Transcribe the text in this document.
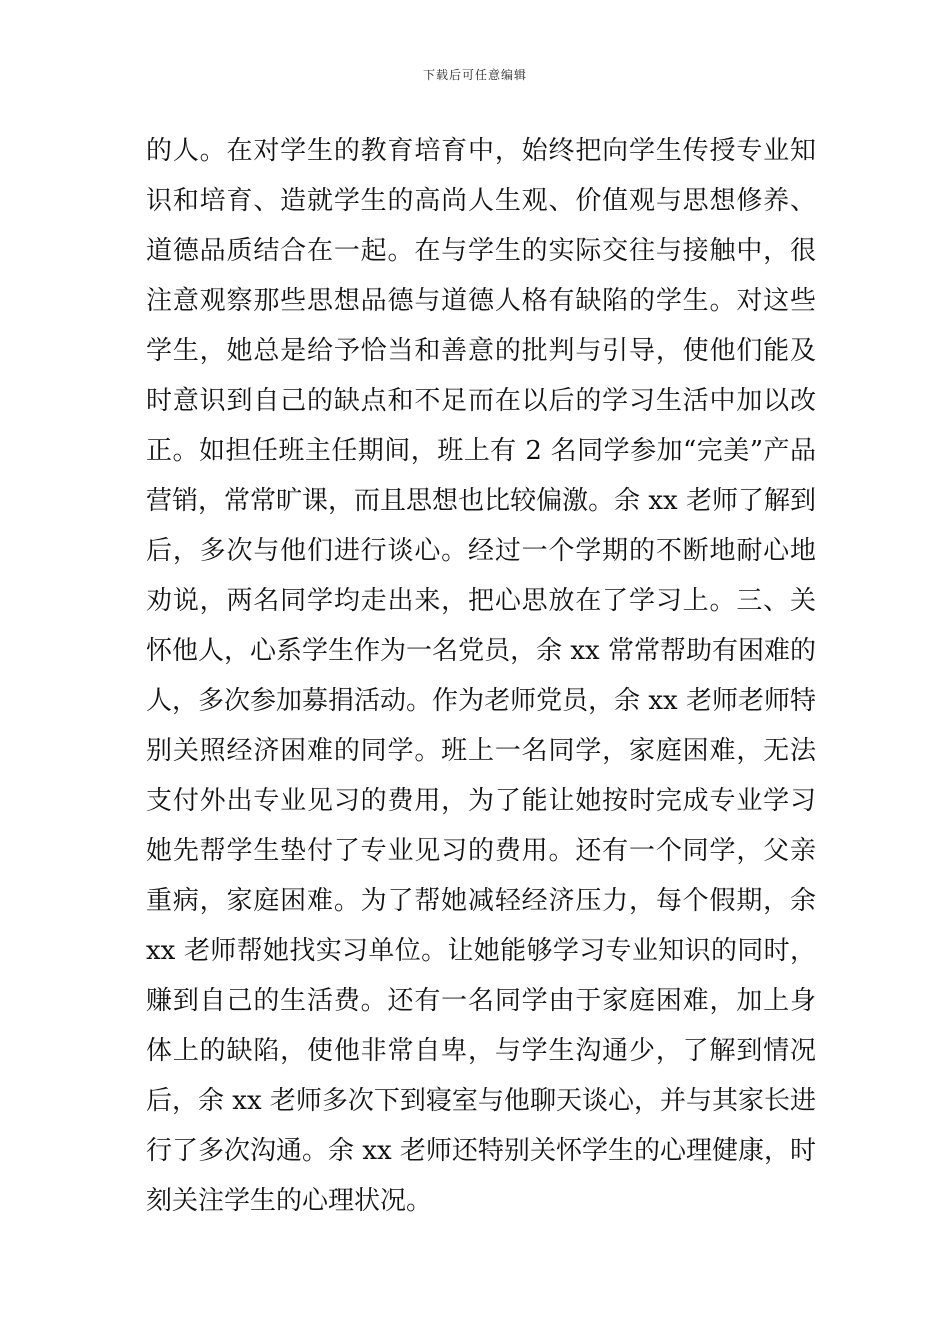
下载后可任意编辑
的人。在对学生的教育培育中，始终把向学生传授专业知
识和培育、造就学生的高尚人生观、价值观与思想修养、
道德品质结合在一起。在与学生的实际交往与接触中，很
注意观察那些思想品德与道德人格有缺陷的学生。对这些
学生，她总是给予恰当和善意的批判与引导，使他们能及
时意识到自己的缺点和不足而在以后的学习生活中加以改
正。如担任班主任期间，班上有 2 名同学参加“完美”产品
营销，常常旷课，而且思想也比较偏激。余 xx 老师了解到
后，多次与他们进行谈心。经过一个学期的不断地耐心地
劝说，两名同学均走出来，把心思放在了学习上。三、关
怀他人，心系学生作为一名党员，余 xx 常常帮助有困难的
人，多次参加募捐活动。作为老师党员，余 xx 老师老师特
别关照经济困难的同学。班上一名同学，家庭困难，无法
支付外出专业见习的费用，为了能让她按时完成专业学习
她先帮学生垫付了专业见习的费用。还有一个同学，父亲
重病，家庭困难。为了帮她减轻经济压力，每个假期，余
xx 老师帮她找实习单位。让她能够学习专业知识的同时，
赚到自己的生活费。还有一名同学由于家庭困难，加上身
体上的缺陷，使他非常自卑，与学生沟通少，了解到情况
后，余 xx 老师多次下到寝室与他聊天谈心，并与其家长进
行了多次沟通。余 xx 老师还特别关怀学生的心理健康，时
刻关注学生的心理状况。
